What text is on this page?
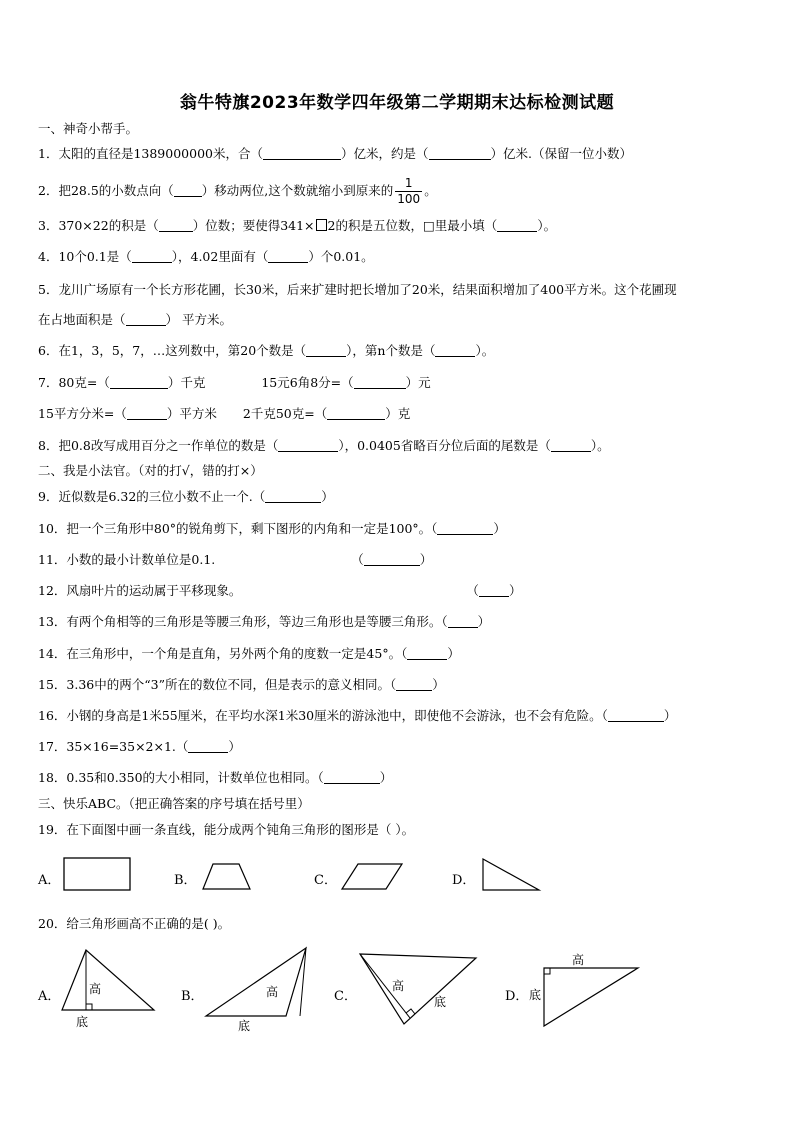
翁牛特旗2023年数学四年级第二学期期末达标检测试题
一、神奇小帮手。
1．太阳的直径是1389000000米，合（	）亿米，约是（	）亿米.（保留一位小数）
2．把28.5的小数点向（ ）移动两位,这个数就缩小到原来的 $\frac{1}{100}$ 。
3．370×22的积是（	）位数；要使得341× 2的积是五位数，□里最小填（	）。
4．10个0.1是（	），4.02里面有（	）个0.01。
5．龙川广场原有一个长方形花圃，长30米，后来扩建时把长增加了20米，结果面积增加了400平方米。这个花圃现
在占地面积是（	） 平方米。
6．在1，3，5，7，…这列数中，第20个数是（	），第n个数是（	）。
7．80克=（	）千克	15元6角8分=（	）元
15平方分米=（	）平方米 2千克50克=（	）克
8．把0.8改写成用百分之一作单位的数是（	），0.0405省略百分位后面的尾数是（	）。
二、我是小法官。（对的打√，错的打×）
9．近似数是6.32的三位小数不止一个.（	）
10．把一个三角形中80°的锐角剪下，剩下图形的内角和一定是100°。（	）
11．小数的最小计数单位是0.1.	（	）
12．风扇叶片的运动属于平移现象。	（ ）
13．有两个角相等的三角形是等腰三角形，等边三角形也是等腰三角形。（ ）
14．在三角形中，一个角是直角，另外两个角的度数一定是45°。（	）
15．3.36中的两个“3”所在的数位不同，但是表示的意义相同。（	）
16．小钢的身高是1米55厘米，在平均水深1米30厘米的游泳池中，即使他不会游泳，也不会有危险。（	）
17．35×16=35×2×1.（	）
18．0.35和0.350的大小相同，计数单位也相同。（	）
三、快乐ABC。（把正确答案的序号填在括号里）
19．在下面图中画一条直线，能分成两个钝角三角形的图形是（ ）。
A．	B．	C．	D．
20．给三角形画高不正确的是( )。
A． 高
底
B．	高
底
C．
高
底	D．
高
底
